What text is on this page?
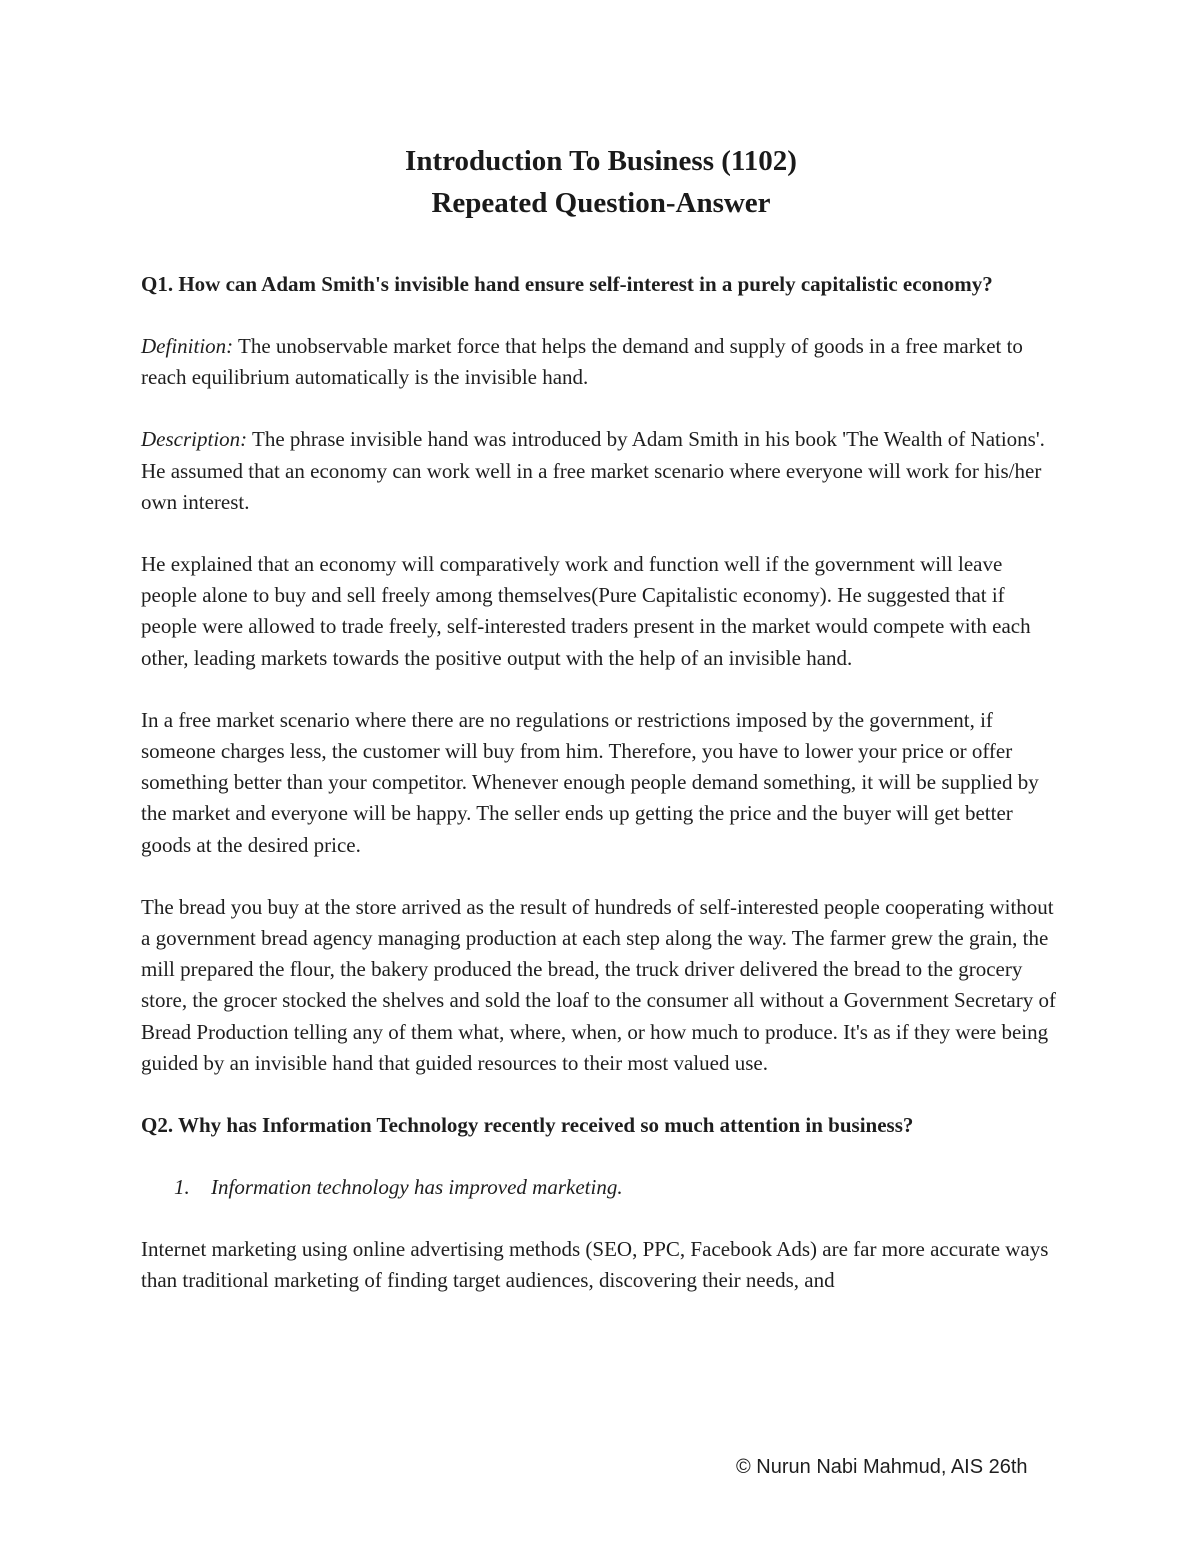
Introduction To Business (1102)
Repeated Question-Answer

Q1. How can Adam Smith's invisible hand ensure self-interest in a purely capitalistic economy?

Definition: The unobservable market force that helps the demand and supply of goods in a free market to reach equilibrium automatically is the invisible hand.

Description: The phrase invisible hand was introduced by Adam Smith in his book 'The Wealth of Nations'. He assumed that an economy can work well in a free market scenario where everyone will work for his/her own interest.

He explained that an economy will comparatively work and function well if the government will leave people alone to buy and sell freely among themselves(Pure Capitalistic economy). He suggested that if people were allowed to trade freely, self-interested traders present in the market would compete with each other, leading markets towards the positive output with the help of an invisible hand.

In a free market scenario where there are no regulations or restrictions imposed by the government, if someone charges less, the customer will buy from him. Therefore, you have to lower your price or offer something better than your competitor. Whenever enough people demand something, it will be supplied by the market and everyone will be happy. The seller ends up getting the price and the buyer will get better goods at the desired price.

The bread you buy at the store arrived as the result of hundreds of self-interested people cooperating without a government bread agency managing production at each step along the way. The farmer grew the grain, the mill prepared the flour, the bakery produced the bread, the truck driver delivered the bread to the grocery store, the grocer stocked the shelves and sold the loaf to the consumer all without a Government Secretary of Bread Production telling any of them what, where, when, or how much to produce. It's as if they were being guided by an invisible hand that guided resources to their most valued use.

Q2. Why has Information Technology recently received so much attention in business?

1. Information technology has improved marketing.

Internet marketing using online advertising methods (SEO, PPC, Facebook Ads) are far more accurate ways than traditional marketing of finding target audiences, discovering their needs, and

© Nurun Nabi Mahmud, AIS 26th
